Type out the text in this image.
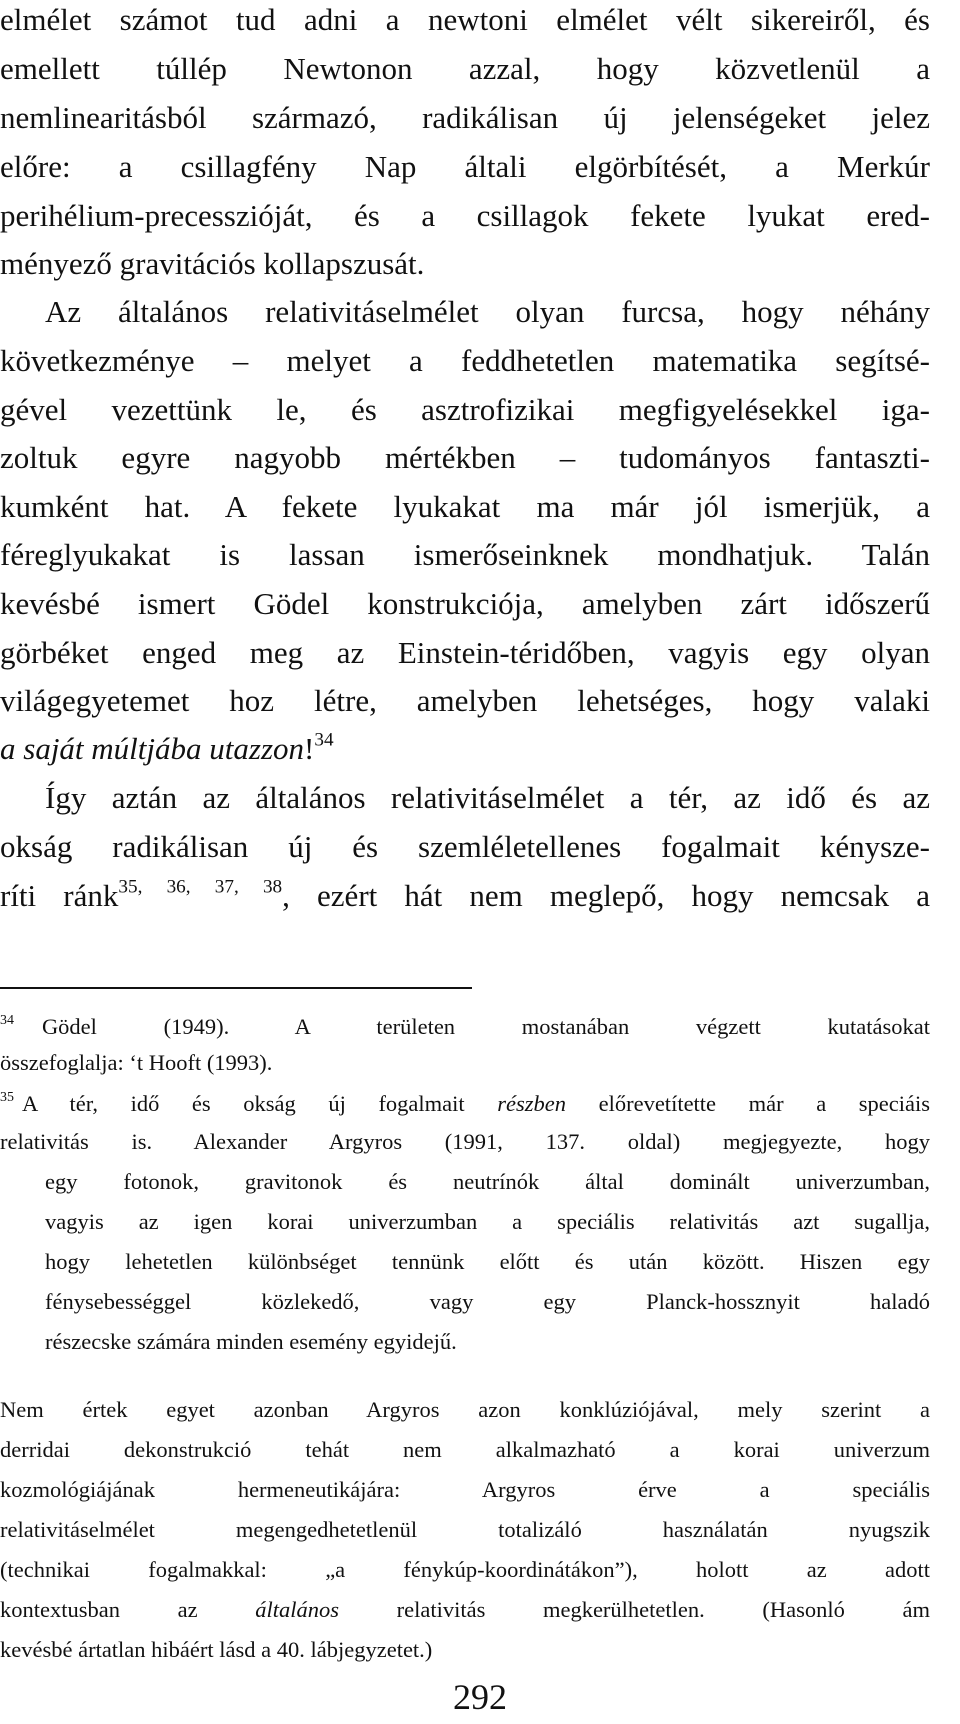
elmélet számot tud adni a newtoni elmélet vélt sikereiről, és

emellett túllép Newtonon azzal, hogy közvetlenül a

nemlinearitásból származó, radikálisan új jelenségeket jelez

előre: a csillagfény Nap általi elgörbítését, a Merkúr

perihélium-precesszióját, és a csillagok fekete lyukat ered-

ményező gravitációs kollapszusát.

Az általános relativitáselmélet olyan furcsa, hogy néhány

következménye – melyet a feddhetetlen matematika segítsé-

gével vezettünk le, és asztrofizikai megfigyelésekkel iga-

zoltuk egyre nagyobb mértékben – tudományos fantaszti-

kumként hat. A fekete lyukakat ma már jól ismerjük, a

féreglyukakat is lassan ismerőseinknek mondhatjuk. Talán

kevésbé ismert Gödel konstrukciója, amelyben zárt időszerű

görbéket enged meg az Einstein-téridőben, vagyis egy olyan

világegyetemet hoz létre, amelyben lehetséges, hogy valaki

a saját múltjába utazzon!$^{34}$

Így aztán az általános relativitáselmélet a tér, az idő és az

okság radikálisan új és szemléletellenes fogalmait kénysze-

ríti ránk$^{35, 36, 37, 38}$, ezért hát nem meglepő, hogy nemcsak a

$^{34}$ Gödel (1949). A területen mostanában végzett kutatásokat

összefoglalja: ‘t Hooft (1993).

$^{35}$ A tér, idő és okság új fogalmait részben előrevetítette már a speciáis

relativitás is. Alexander Argyros (1991, 137. oldal) megjegyezte, hogy

egy fotonok, gravitonok és neutrínók által dominált univerzumban,

vagyis az igen korai univerzumban a speciális relativitás azt sugallja,

hogy lehetetlen különbséget tennünk előtt és után között. Hiszen egy

fénysebességgel közlekedő, vagy egy Planck-hossznyit haladó

részecske számára minden esemény egyidejű.

Nem értek egyet azonban Argyros azon konklúziójával, mely szerint a

derridai dekonstrukció tehát nem alkalmazható a korai univerzum

kozmológiájának hermeneutikájára: Argyros érve a speciális

relativitáselmélet megengedhetetlenül totalizáló használatán nyugszik

(technikai fogalmakkal: „a fénykúp-koordinátákon”), holott az adott

kontextusban az általános relativitás megkerülhetetlen. (Hasonló ám

kevésbé ártatlan hibáért lásd a 40. lábjegyzetet.)

292
